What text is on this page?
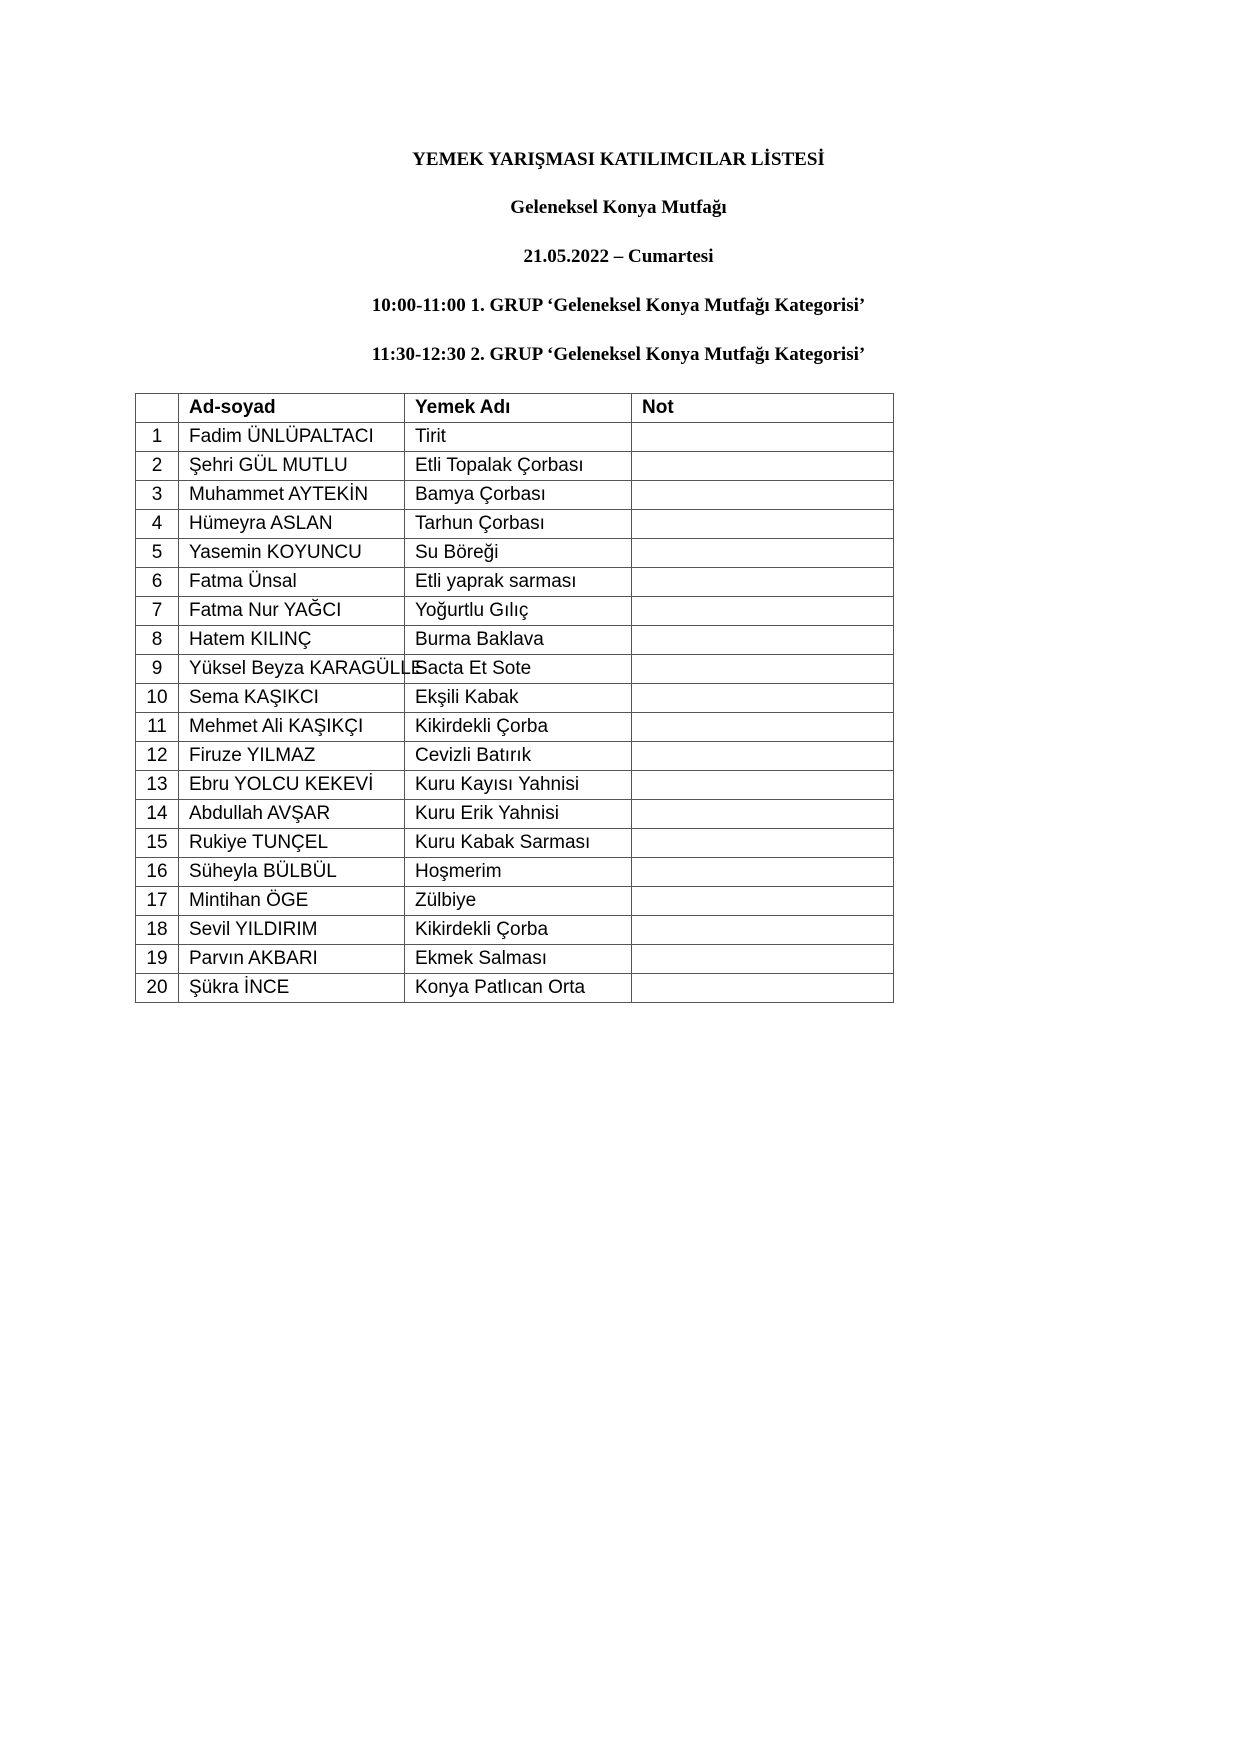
YEMEK YARIŞMASI KATILIMCILAR LİSTESİ
Geleneksel Konya Mutfağı
21.05.2022 – Cumartesi
10:00-11:00 1. GRUP ‘Geleneksel Konya Mutfağı Kategorisi’
11:30-12:30 2. GRUP ‘Geleneksel Konya Mutfağı Kategorisi’
	Ad-soyad	Yemek Adı	Not
1	Fadim ÜNLÜPALTACI	Tirit	
2	Şehri GÜL MUTLU	Etli Topalak Çorbası	
3	Muhammet AYTEKİN	Bamya Çorbası	
4	Hümeyra ASLAN	Tarhun Çorbası	
5	Yasemin KOYUNCU	Su Böreği	
6	Fatma Ünsal	Etli yaprak sarması	
7	Fatma Nur YAĞCI	Yoğurtlu Gılıç	
8	Hatem KILINÇ	Burma Baklava	
9	Yüksel Beyza KARAGÜLLE	Sacta Et Sote	
10	Sema KAŞIKCI	Ekşili Kabak	
11	Mehmet Ali KAŞIKÇI	Kikirdekli Çorba	
12	Firuze YILMAZ	Cevizli Batırık	
13	Ebru YOLCU KEKEVİ	Kuru Kayısı Yahnisi	
14	Abdullah AVŞAR	Kuru Erik Yahnisi	
15	Rukiye TUNÇEL	Kuru Kabak Sarması	
16	Süheyla BÜLBÜL	Hoşmerim	
17	Mintihan ÖGE	Zülbiye	
18	Sevil YILDIRIM	Kikirdekli Çorba	
19	Parvın AKBARI	Ekmek Salması	
20	Şükra İNCE	Konya Patlıcan Orta	
